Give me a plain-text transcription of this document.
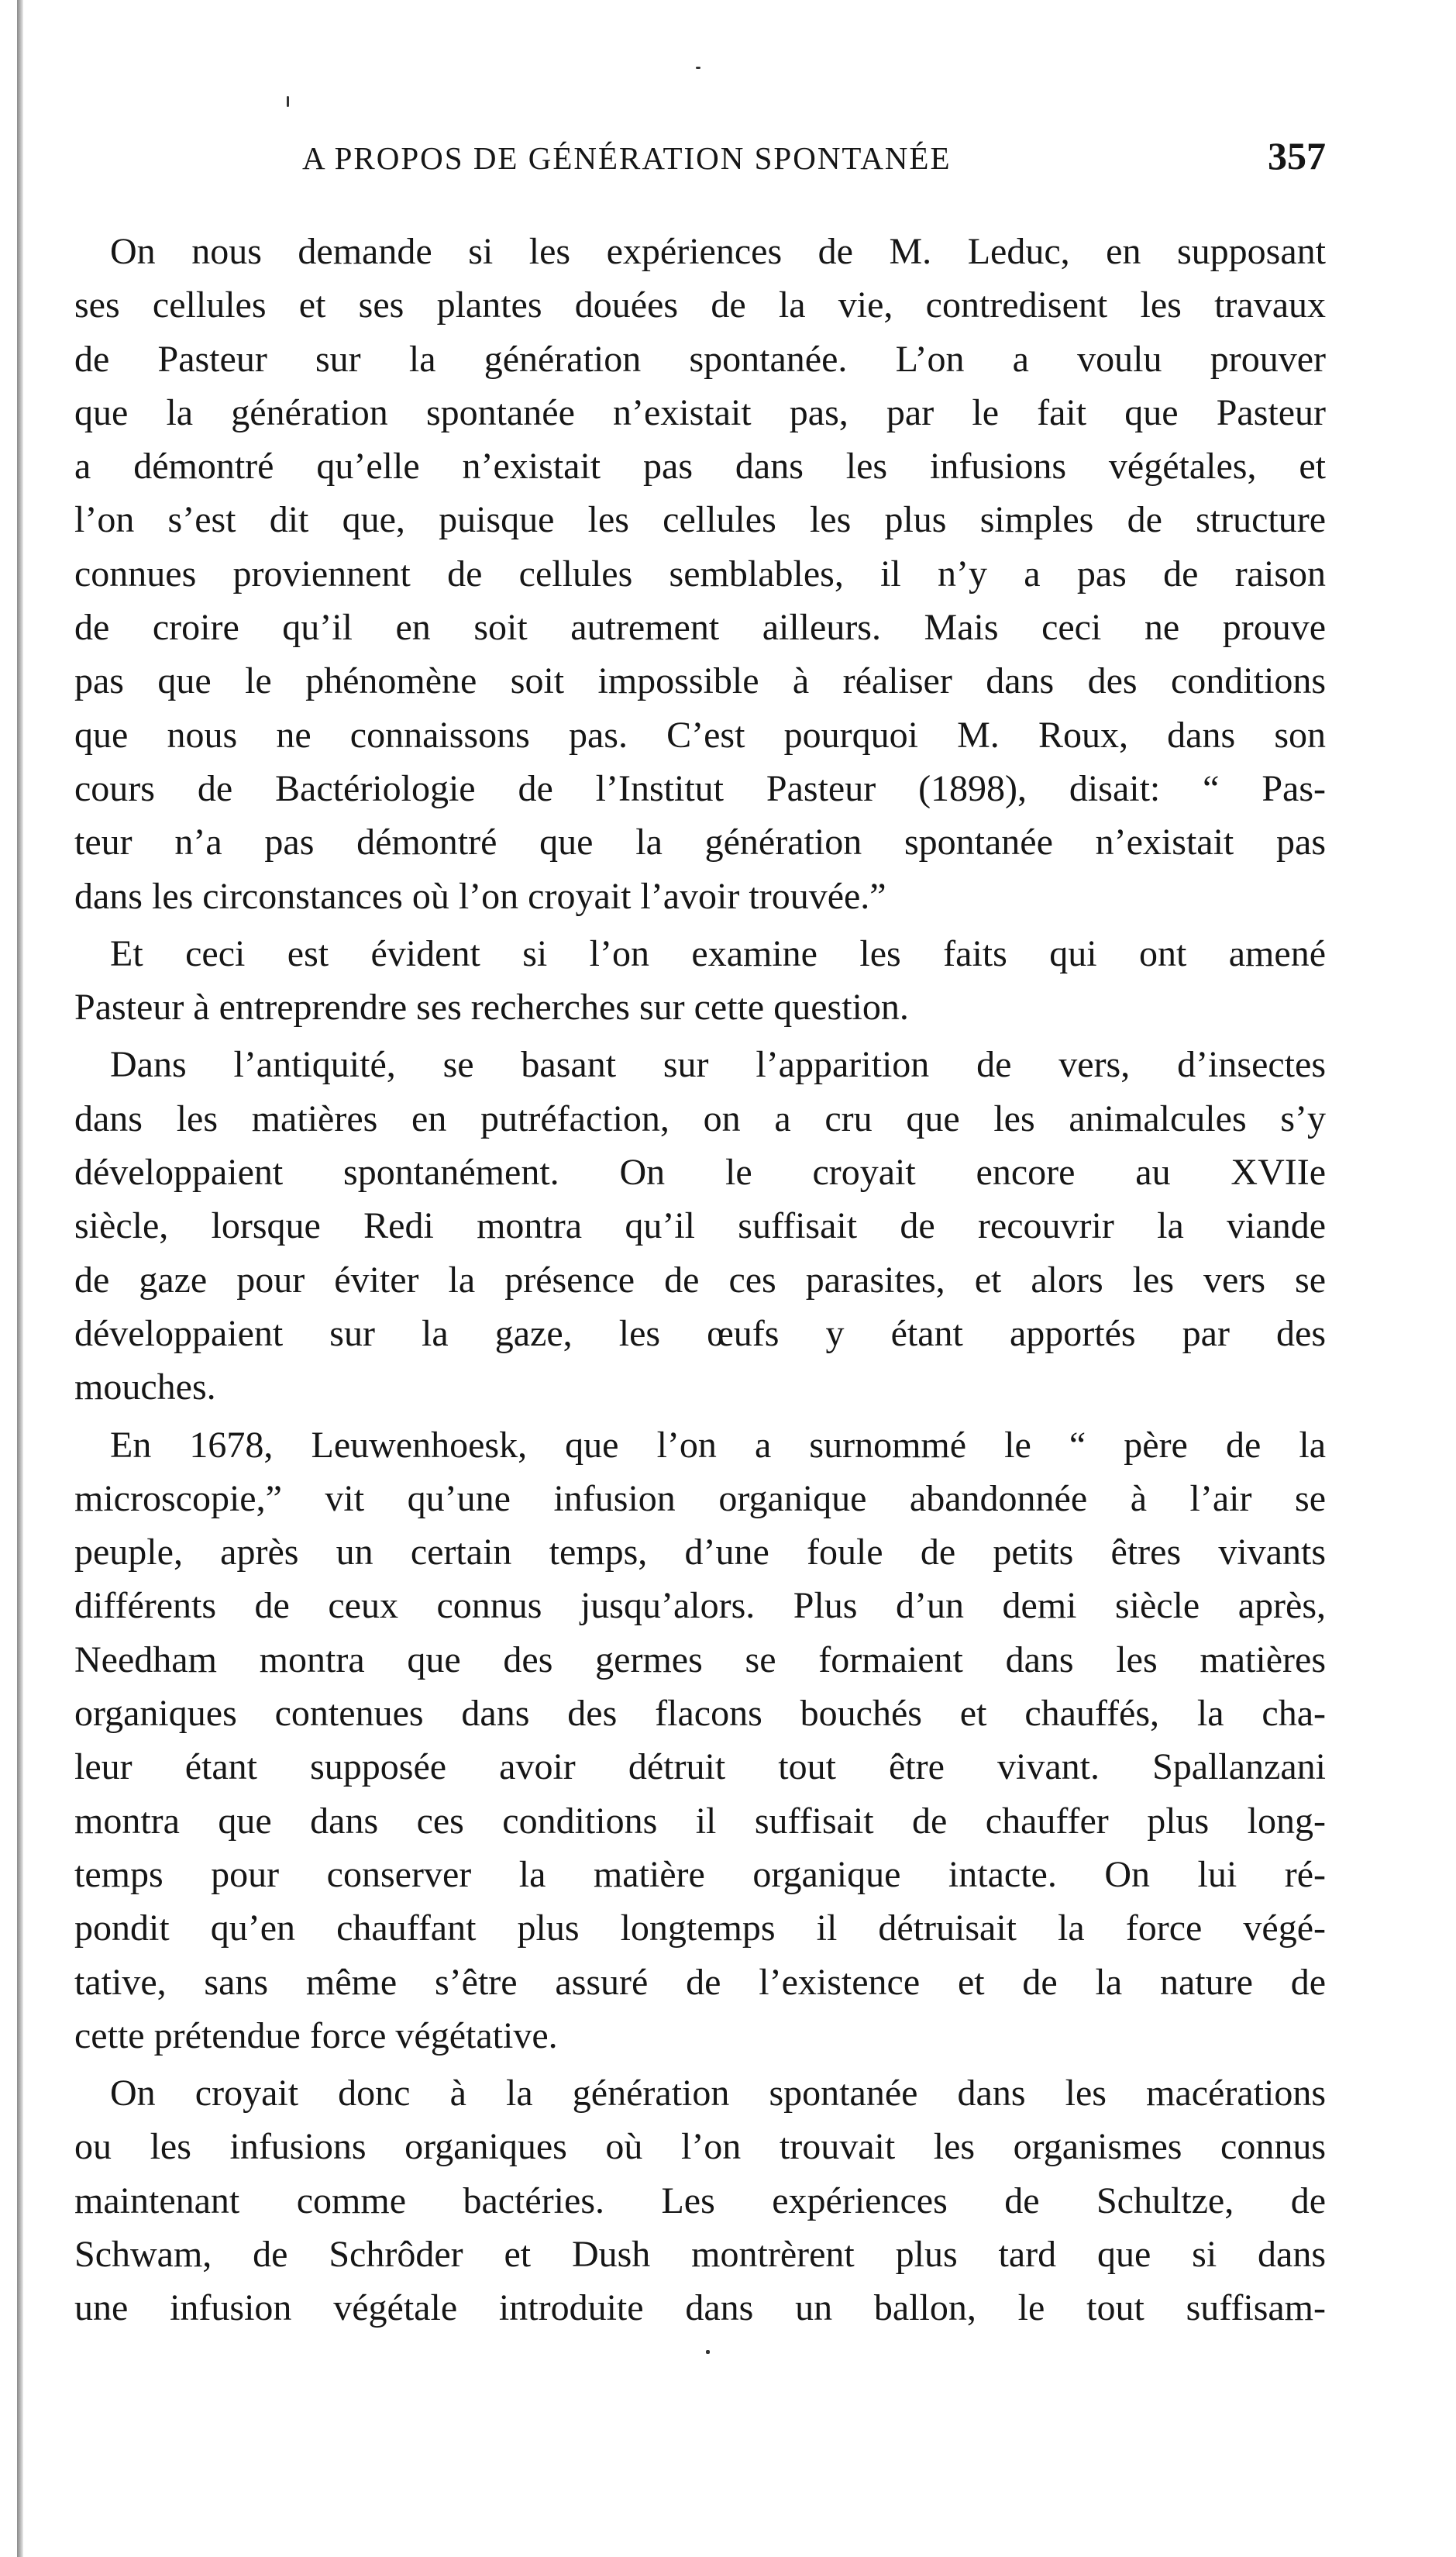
A PROPOS DE GÉNÉRATION SPONTANÉE	357
On nous demande si les expériences de M. Leduc, en supposant
ses cellules et ses plantes douées de la vie, contredisent les travaux
de Pasteur sur la génération spontanée. L’on a voulu prouver
que la génération spontanée n’existait pas, par le fait que Pasteur
a démontré qu’elle n’existait pas dans les infusions végétales, et
l’on s’est dit que, puisque les cellules les plus simples de structure
connues proviennent de cellules semblables, il n’y a pas de raison
de croire qu’il en soit autrement ailleurs. Mais ceci ne prouve
pas que le phénomène soit impossible à réaliser dans des conditions
que nous ne connaissons pas. C’est pourquoi M. Roux, dans son
cours de Bactériologie de l’Institut Pasteur (1898), disait: “ Pas-
teur n’a pas démontré que la génération spontanée n’existait pas
dans les circonstances où l’on croyait l’avoir trouvée.”
Et ceci est évident si l’on examine les faits qui ont amené
Pasteur à entreprendre ses recherches sur cette question.
Dans l’antiquité, se basant sur l’apparition de vers, d’insectes
dans les matières en putréfaction, on a cru que les animalcules s’y
développaient spontanément. On le croyait encore au XVIIe
siècle, lorsque Redi montra qu’il suffisait de recouvrir la viande
de gaze pour éviter la présence de ces parasites, et alors les vers se
développaient sur la gaze, les œufs y étant apportés par des
mouches.
En 1678, Leuwenhoesk, que l’on a surnommé le “ père de la
microscopie,” vit qu’une infusion organique abandonnée à l’air se
peuple, après un certain temps, d’une foule de petits êtres vivants
différents de ceux connus jusqu’alors. Plus d’un demi siècle après,
Needham montra que des germes se formaient dans les matières
organiques contenues dans des flacons bouchés et chauffés, la cha-
leur étant supposée avoir détruit tout être vivant. Spallanzani
montra que dans ces conditions il suffisait de chauffer plus long-
temps pour conserver la matière organique intacte. On lui ré-
pondit qu’en chauffant plus longtemps il détruisait la force végé-
tative, sans même s’être assuré de l’existence et de la nature de
cette prétendue force végétative.
On croyait donc à la génération spontanée dans les macérations
ou les infusions organiques où l’on trouvait les organismes connus
maintenant comme bactéries. Les expériences de Schultze, de
Schwam, de Schrôder et Dush montrèrent plus tard que si dans
une infusion végétale introduite dans un ballon, le tout suffisam-
